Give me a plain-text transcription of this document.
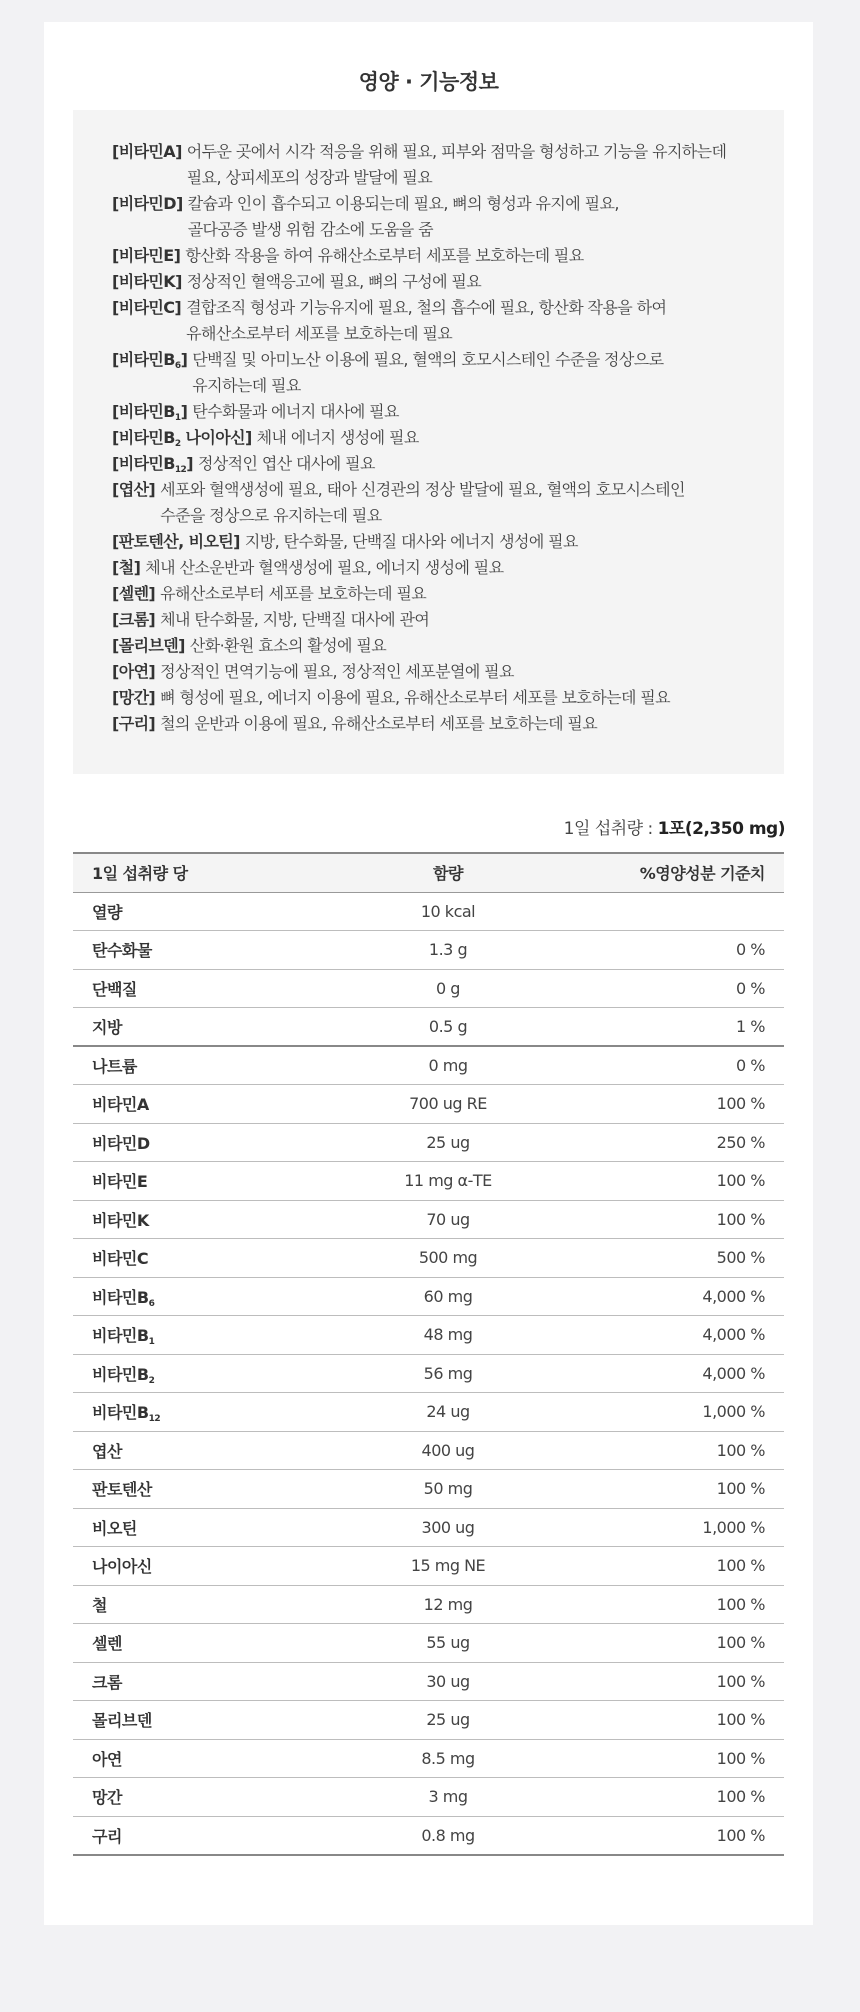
영양 · 기능정보
[비타민A] 어두운 곳에서 시각 적응을 위해 필요, 피부와 점막을 형성하고 기능을 유지하는데
필요, 상피세포의 성장과 발달에 필요
[비타민D] 칼슘과 인이 흡수되고 이용되는데 필요, 뼈의 형성과 유지에 필요,
골다공증 발생 위험 감소에 도움을 줌
[비타민E] 항산화 작용을 하여 유해산소로부터 세포를 보호하는데 필요
[비타민K] 정상적인 혈액응고에 필요, 뼈의 구성에 필요
[비타민C] 결합조직 형성과 기능유지에 필요, 철의 흡수에 필요, 항산화 작용을 하여
유해산소로부터 세포를 보호하는데 필요
[비타민$B_6$] 단백질 및 아미노산 이용에 필요, 혈액의 호모시스테인 수준을 정상으로
유지하는데 필요
[비타민$B_1$] 탄수화물과 에너지 대사에 필요
[비타민$B_2$ 나이아신] 체내 에너지 생성에 필요
[비타민$B_{12}$] 정상적인 엽산 대사에 필요
[엽산] 세포와 혈액생성에 필요, 태아 신경관의 정상 발달에 필요, 혈액의 호모시스테인
수준을 정상으로 유지하는데 필요
[판토텐산, 비오틴] 지방, 탄수화물, 단백질 대사와 에너지 생성에 필요
[철] 체내 산소운반과 혈액생성에 필요, 에너지 생성에 필요
[셀렌] 유해산소로부터 세포를 보호하는데 필요
[크롬] 체내 탄수화물, 지방, 단백질 대사에 관여
[몰리브덴] 산화·환원 효소의 활성에 필요
[아연] 정상적인 면역기능에 필요, 정상적인 세포분열에 필요
[망간] 뼈 형성에 필요, 에너지 이용에 필요, 유해산소로부터 세포를 보호하는데 필요
[구리] 철의 운반과 이용에 필요, 유해산소로부터 세포를 보호하는데 필요
1일 섭취량 : 1포(2,350 mg)
1일 섭취량 당	함량	%영양성분 기준치
열량	10 kcal	
탄수화물	1.3 g	0 %
단백질	0 g	0 %
지방	0.5 g	1 %
나트륨	0 mg	0 %
비타민A	700 ug RE	100 %
비타민D	25 ug	250 %
비타민E	11 mg α-TE	100 %
비타민K	70 ug	100 %
비타민C	500 mg	500 %
비타민$B_6$	60 mg	4,000 %
비타민$B_1$	48 mg	4,000 %
비타민$B_2$	56 mg	4,000 %
비타민$B_{12}$	24 ug	1,000 %
엽산	400 ug	100 %
판토텐산	50 mg	100 %
비오틴	300 ug	1,000 %
나이아신	15 mg NE	100 %
철	12 mg	100 %
셀렌	55 ug	100 %
크롬	30 ug	100 %
몰리브덴	25 ug	100 %
아연	8.5 mg	100 %
망간	3 mg	100 %
구리	0.8 mg	100 %
